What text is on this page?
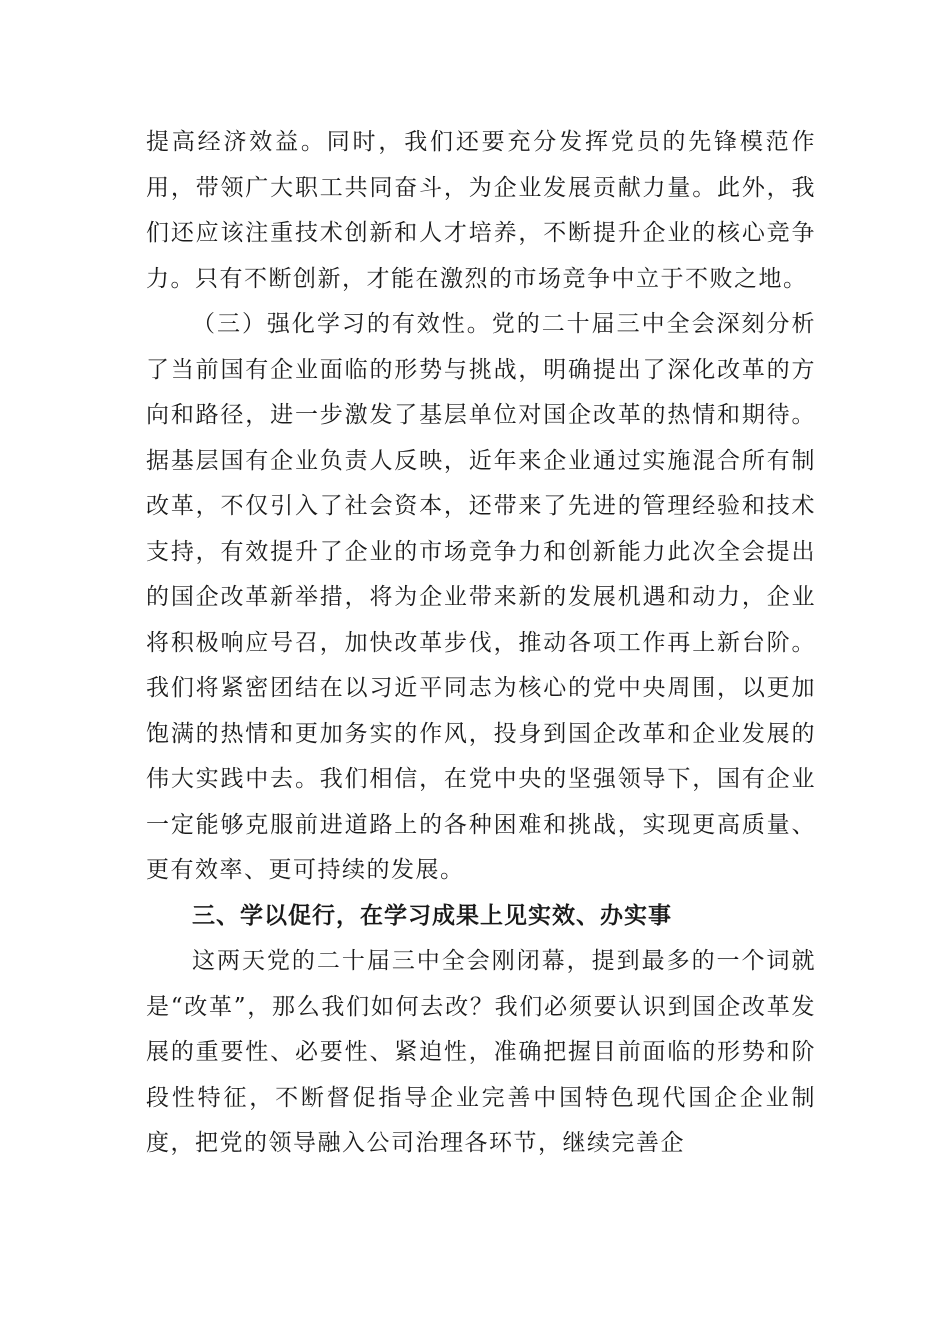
提高经济效益。同时，我们还要充分发挥党员的先锋模范作用，带领广大职工共同奋斗，为企业发展贡献力量。此外，我们还应该注重技术创新和人才培养，不断提升企业的核心竞争力。只有不断创新，才能在激烈的市场竞争中立于不败之地。

（三）强化学习的有效性。党的二十届三中全会深刻分析了当前国有企业面临的形势与挑战，明确提出了深化改革的方向和路径，进一步激发了基层单位对国企改革的热情和期待。据基层国有企业负责人反映，近年来企业通过实施混合所有制改革，不仅引入了社会资本，还带来了先进的管理经验和技术支持，有效提升了企业的市场竞争力和创新能力此次全会提出的国企改革新举措，将为企业带来新的发展机遇和动力，企业将积极响应号召，加快改革步伐，推动各项工作再上新台阶。我们将紧密团结在以习近平同志为核心的党中央周围，以更加饱满的热情和更加务实的作风，投身到国企改革和企业发展的伟大实践中去。我们相信，在党中央的坚强领导下，国有企业一定能够克服前进道路上的各种困难和挑战，实现更高质量、更有效率、更可持续的发展。

三、学以促行，在学习成果上见实效、办实事

这两天党的二十届三中全会刚闭幕，提到最多的一个词就是“改革”，那么我们如何去改？我们必须要认识到国企改革发展的重要性、必要性、紧迫性，准确把握目前面临的形势和阶段性特征，不断督促指导企业完善中国特色现代国企企业制度，把党的领导融入公司治理各环节，继续完善企
